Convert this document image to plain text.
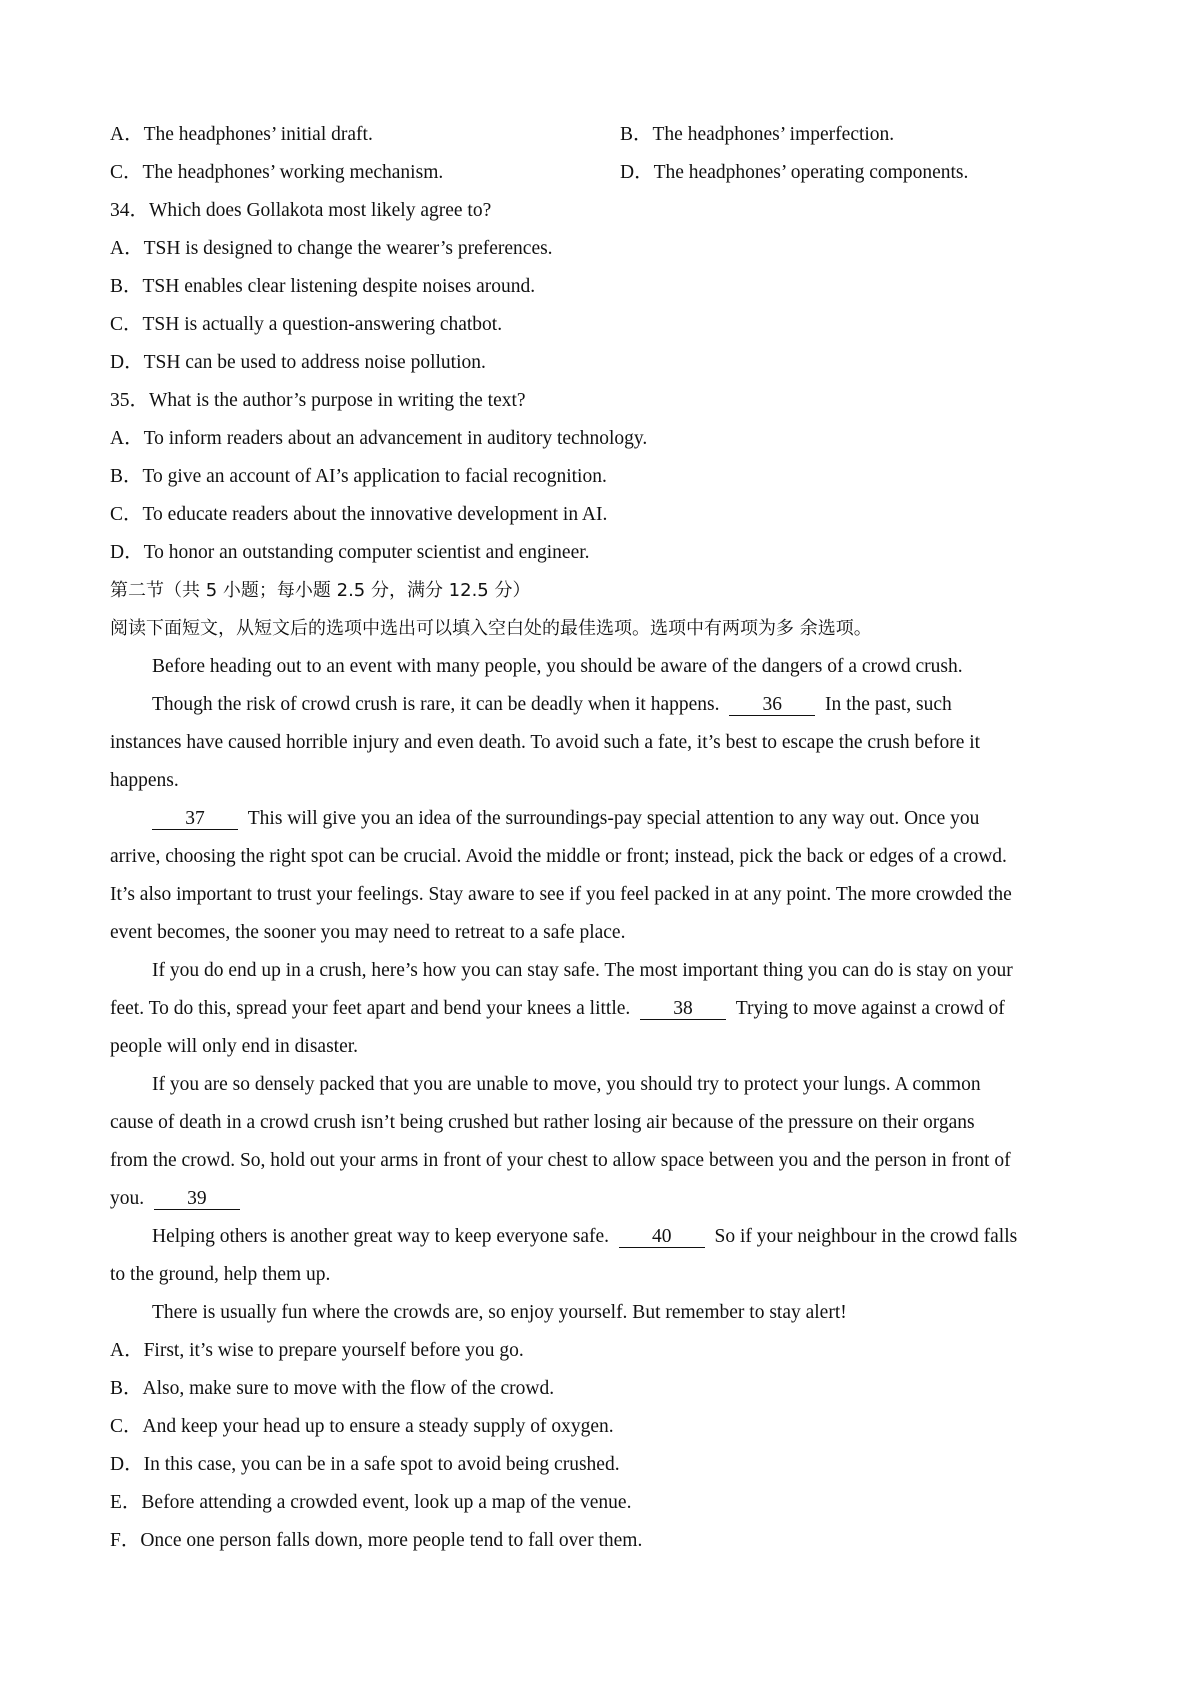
A．The headphones’ initial draft.	B．The headphones’ imperfection.
C．The headphones’ working mechanism.	D．The headphones’ operating components.
34．Which does Gollakota most likely agree to?
A．TSH is designed to change the wearer’s preferences.
B．TSH enables clear listening despite noises around.
C．TSH is actually a question-answering chatbot.
D．TSH can be used to address noise pollution.
35．What is the author’s purpose in writing the text?
A．To inform readers about an advancement in auditory technology.
B．To give an account of AI’s application to facial recognition.
C．To educate readers about the innovative development in AI.
D．To honor an outstanding computer scientist and engineer.
第二节（共 5 小题；每小题 2.5 分，满分 12.5 分）
阅读下面短文，从短文后的选项中选出可以填入空白处的最佳选项。选项中有两项为多 余选项。
Before heading out to an event with many people, you should be aware of the dangers of a crowd crush.
Though the risk of crowd crush is rare, it can be deadly when it happens. 36 In the past, such
instances have caused horrible injury and even death. To avoid such a fate, it’s best to escape the crush before it
happens.
37 This will give you an idea of the surroundings-pay special attention to any way out. Once you
arrive, choosing the right spot can be crucial. Avoid the middle or front; instead, pick the back or edges of a crowd.
It’s also important to trust your feelings. Stay aware to see if you feel packed in at any point. The more crowded the
event becomes, the sooner you may need to retreat to a safe place.
If you do end up in a crush, here’s how you can stay safe. The most important thing you can do is stay on your
feet. To do this, spread your feet apart and bend your knees a little. 38 Trying to move against a crowd of
people will only end in disaster.
If you are so densely packed that you are unable to move, you should try to protect your lungs. A common
cause of death in a crowd crush isn’t being crushed but rather losing air because of the pressure on their organs
from the crowd. So, hold out your arms in front of your chest to allow space between you and the person in front of
you. 39
Helping others is another great way to keep everyone safe. 40 So if your neighbour in the crowd falls
to the ground, help them up.
There is usually fun where the crowds are, so enjoy yourself. But remember to stay alert!
A．First, it’s wise to prepare yourself before you go.
B．Also, make sure to move with the flow of the crowd.
C．And keep your head up to ensure a steady supply of oxygen.
D．In this case, you can be in a safe spot to avoid being crushed.
E．Before attending a crowded event, look up a map of the venue.
F．Once one person falls down, more people tend to fall over them.
